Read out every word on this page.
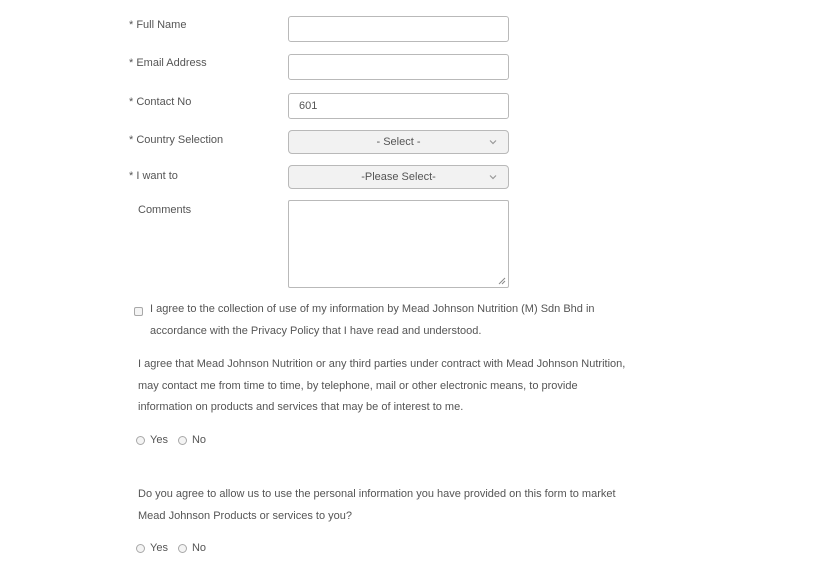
* Full Name
* Email Address
* Contact No
601
* Country Selection	- Select -
* I want to	-Please Select-
Comments
I agree to the collection of use of my information by Mead Johnson Nutrition (M) Sdn Bhd in
accordance with the Privacy Policy that I have read and understood.
I agree that Mead Johnson Nutrition or any third parties under contract with Mead Johnson Nutrition,
may contact me from time to time, by telephone, mail or other electronic means, to provide
information on products and services that may be of interest to me.
Yes No
Do you agree to allow us to use the personal information you have provided on this form to market
Mead Johnson Products or services to you?
Yes No
